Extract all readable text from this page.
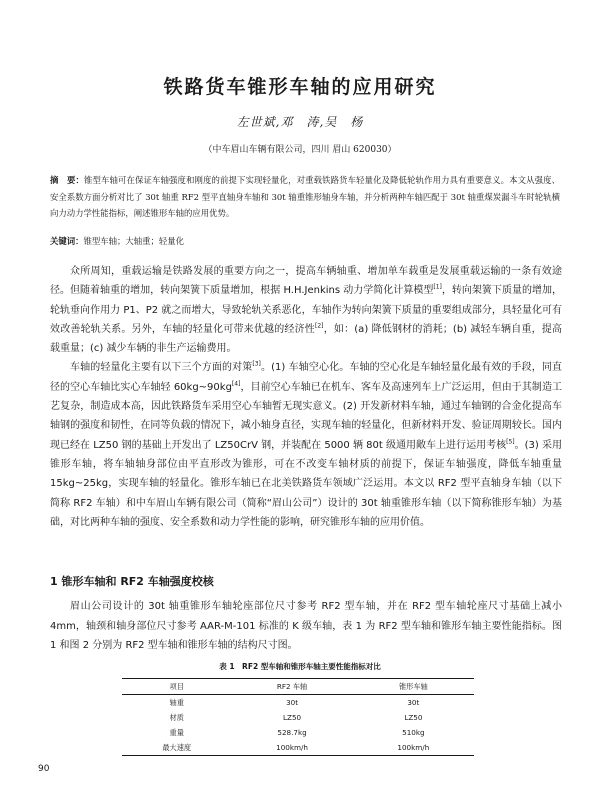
铁路货车锥形车轴的应用研究
左世斌,邓　涛,吴　杨
（中车眉山车辆有限公司，四川 眉山 620030）
摘　要：锥型车轴可在保证车轴强度和刚度的前提下实现轻量化，对重载铁路货车轻量化及降低轮轨作用力具有重要意义。本文从强度、安全系数方面分析对比了 30t 轴重 RF2 型平直轴身车轴和 30t 轴重锥形轴身车轴，并分析两种车轴匹配于 30t 轴重煤炭漏斗车时轮轨横向力动力学性能指标，阐述锥形车轴的应用优势。
关键词：锥型车轴；大轴重；轻量化

众所周知，重载运输是铁路发展的重要方向之一，提高车辆轴重、增加单车载重是发展重载运输的一条有效途径。但随着轴重的增加，转向架簧下质量增加，根据 H.H.Jenkins 动力学简化计算模型[1]，转向架簧下质量的增加，轮轨垂向作用力 P1、P2 就之而增大，导致轮轨关系恶化，车轴作为转向架簧下质量的重要组成部分，具轻量化可有效改善轮轨关系。另外，车轴的轻量化可带来优越的经济性[2]，如：(a) 降低钢材的消耗；(b) 减轻车辆自重，提高载重量；(c) 减少车辆的非生产运输费用。

车轴的轻量化主要有以下三个方面的对策[3]。(1) 车轴空心化。车轴的空心化是车轴轻量化最有效的手段，同直径的空心车轴比实心车轴轻 60kg~90kg[4]，目前空心车轴已在机车、客车及高速列车上广泛运用，但由于其制造工艺复杂，制造成本高，因此铁路货车采用空心车轴暂无现实意义。(2) 开发新材料车轴，通过车轴钢的合金化提高车轴钢的强度和韧性，在同等负载的情况下，减小轴身直径，实现车轴的轻量化，但新材料开发、验证周期较长。国内现已经在 LZ50 钢的基础上开发出了 LZ50CrV 钢，并装配在 5000 辆 80t 级通用敞车上进行运用考核[5]。(3) 采用锥形车轴，将车轴轴身部位由平直形改为锥形，可在不改变车轴材质的前提下，保证车轴强度，降低车轴重量 15kg~25kg，实现车轴的轻量化。锥形车轴已在北美铁路货车领域广泛运用。本文以 RF2 型平直轴身车轴（以下简称 RF2 车轴）和中车眉山车辆有限公司（简称“眉山公司”）设计的 30t 轴重锥形车轴（以下简称锥形车轴）为基础，对比两种车轴的强度、安全系数和动力学性能的影响，研究锥形车轴的应用价值。

1 锥形车轴和 RF2 车轴强度校核

眉山公司设计的 30t 轴重锥形车轴轮座部位尺寸参考 RF2 型车轴，并在 RF2 型车轴轮座尺寸基础上减小 4mm，轴颈和轴身部位尺寸参考 AAR-M-101 标准的 K 级车轴，表 1 为 RF2 型车轴和锥形车轴主要性能指标。图 1 和图 2 分别为 RF2 型车轴和锥形车轴的结构尺寸图。

表 1　RF2 型车轴和锥形车轴主要性能指标对比
项目	RF2 车轴	锥形车轴
轴重	30t	30t
材质	LZ50	LZ50
重量	528.7kg	510kg
最大速度	100km/h	100km/h
90
